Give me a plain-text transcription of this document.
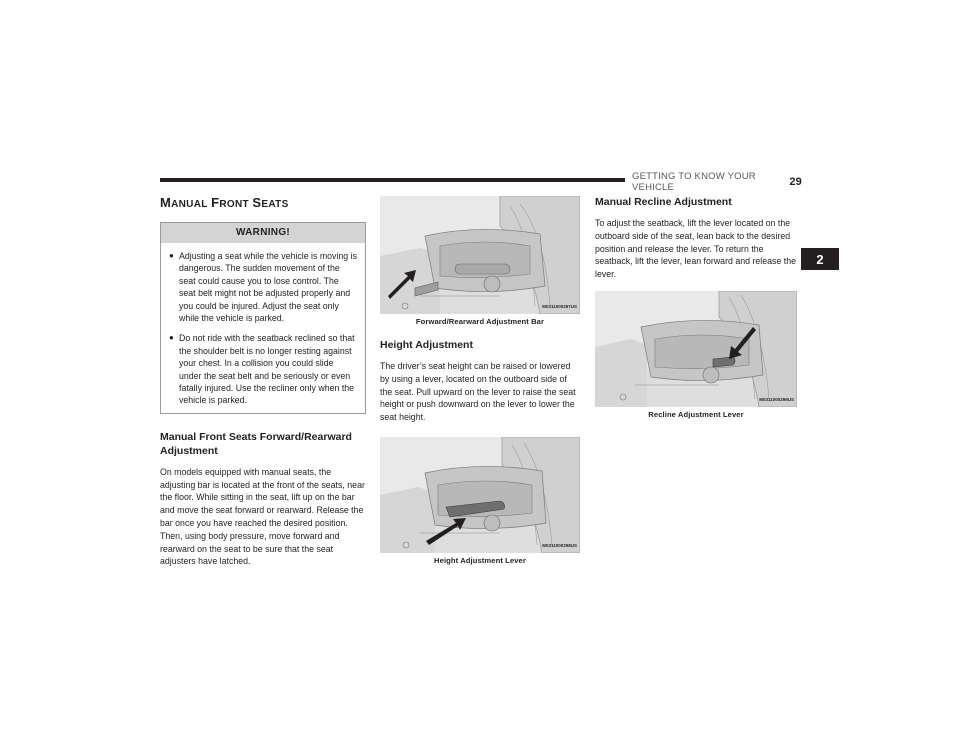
GETTING TO KNOW YOUR VEHICLE	29
2
MANUAL FRONT SEATS
WARNING!
● Adjusting a seat while the vehicle is moving is dangerous. The sudden movement of the seat could cause you to lose control. The seat belt might not be adjusted properly and you could be injured. Adjust the seat only while the vehicle is parked.
● Do not ride with the seatback reclined so that the shoulder belt is no longer resting against your chest. In a collision you could slide under the seat belt and be seriously or even fatally injured. Use the recliner only when the vehicle is parked.
Manual Front Seats Forward/Rearward Adjustment

On models equipped with manual seats, the adjusting bar is located at the front of the seats, near the floor. While sitting in the seat, lift up on the bar and move the seat forward or rearward. Release the bar once you have reached the desired position. Then, using body pressure, move forward and rearward on the seat to be sure that the seat adjusters have latched.

M0311000297US
Forward/Rearward Adjustment Bar
Height Adjustment

The driver’s seat height can be raised or lowered by using a lever, located on the outboard side of the seat. Pull upward on the lever to raise the seat height or push downward on the lever to lower the seat height.

M0311000298US
Height Adjustment Lever
Manual Recline Adjustment

To adjust the seatback, lift the lever located on the outboard side of the seat, lean back to the desired position and release the lever. To return the seatback, lift the lever, lean forward and release the lever.

M0311000299US
Recline Adjustment Lever
